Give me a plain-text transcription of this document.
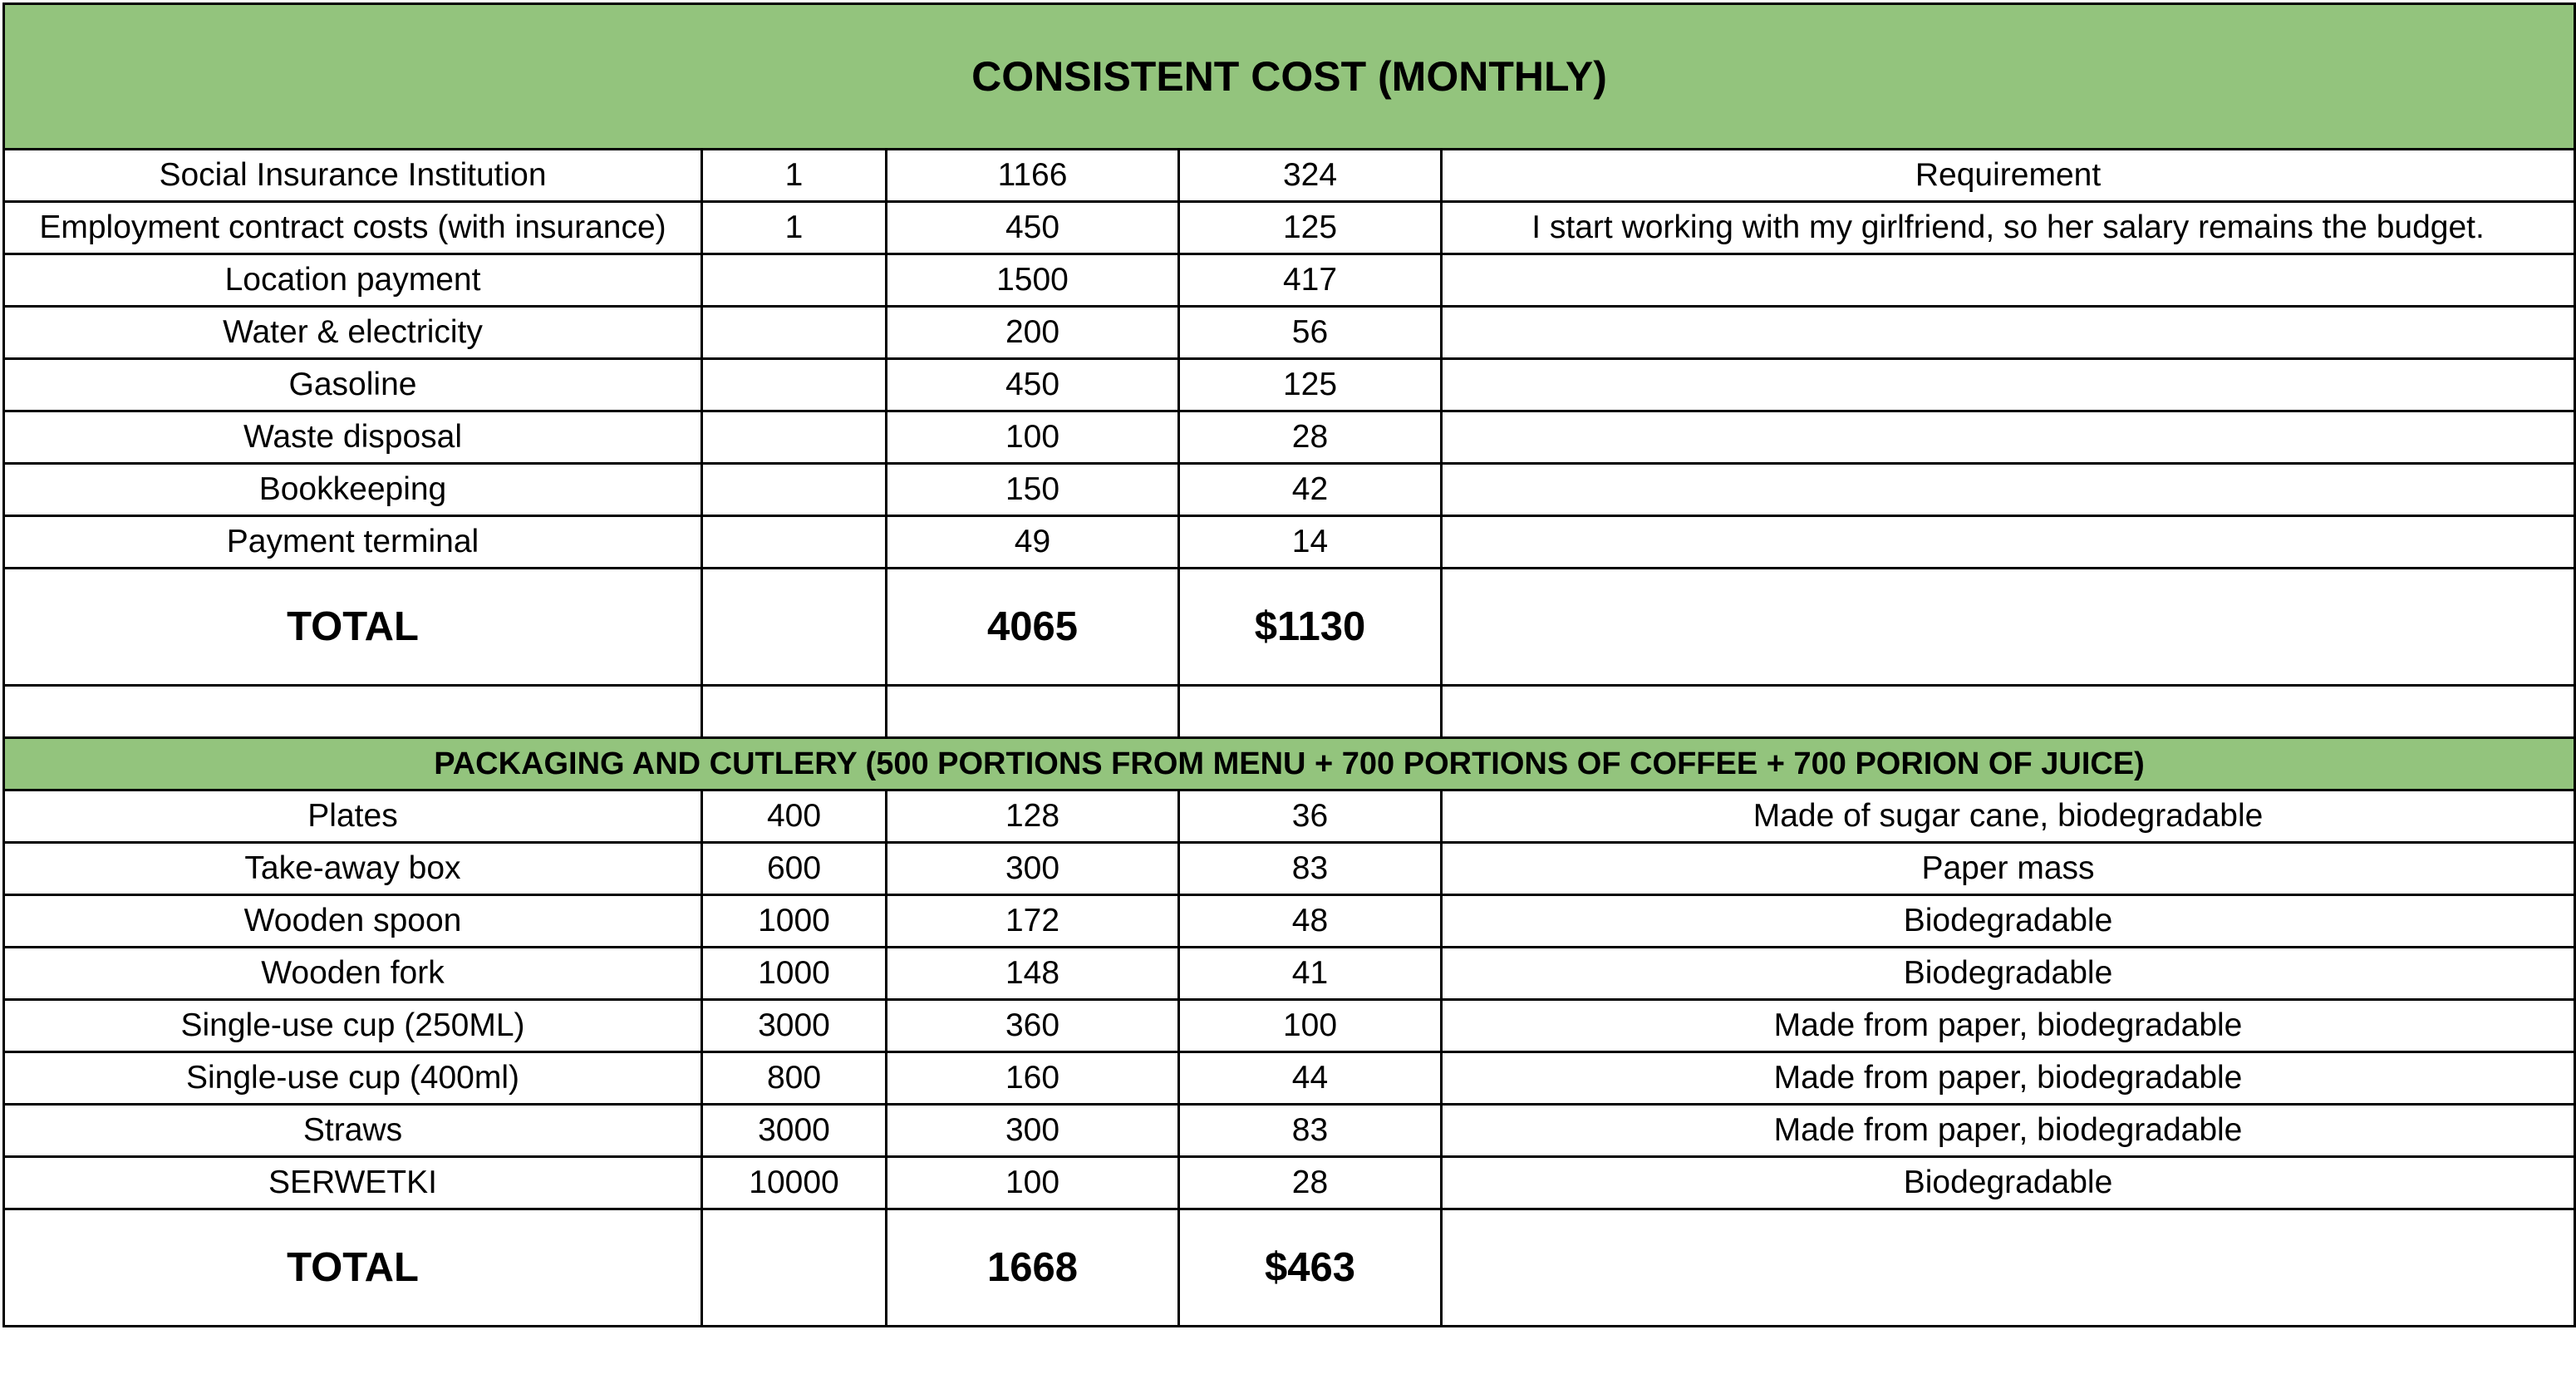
CONSISTENT COST (MONTHLY)				
Social Insurance Institution	1	1166	324	Requirement
Employment contract costs (with insurance)	1	450	125	I start working with my girlfriend, so her salary remains the budget.
Location payment		1500	417	
Water & electricity		200	56	
Gasoline		450	125	
Waste disposal		100	28	
Bookkeeping		150	42	
Payment terminal		49	14	
TOTAL		4065	$1130	

PACKAGING AND CUTLERY (500 PORTIONS FROM MENU + 700 PORTIONS OF COFFEE + 700 PORION OF JUICE)				
Plates	400	128	36	Made of sugar cane, biodegradable
Take-away box	600	300	83	Paper mass
Wooden spoon	1000	172	48	Biodegradable
Wooden fork	1000	148	41	Biodegradable
Single-use cup (250ML)	3000	360	100	Made from paper, biodegradable
Single-use cup (400ml)	800	160	44	Made from paper, biodegradable
Straws	3000	300	83	Made from paper, biodegradable
SERWETKI	10000	100	28	Biodegradable
TOTAL		1668	$463	
